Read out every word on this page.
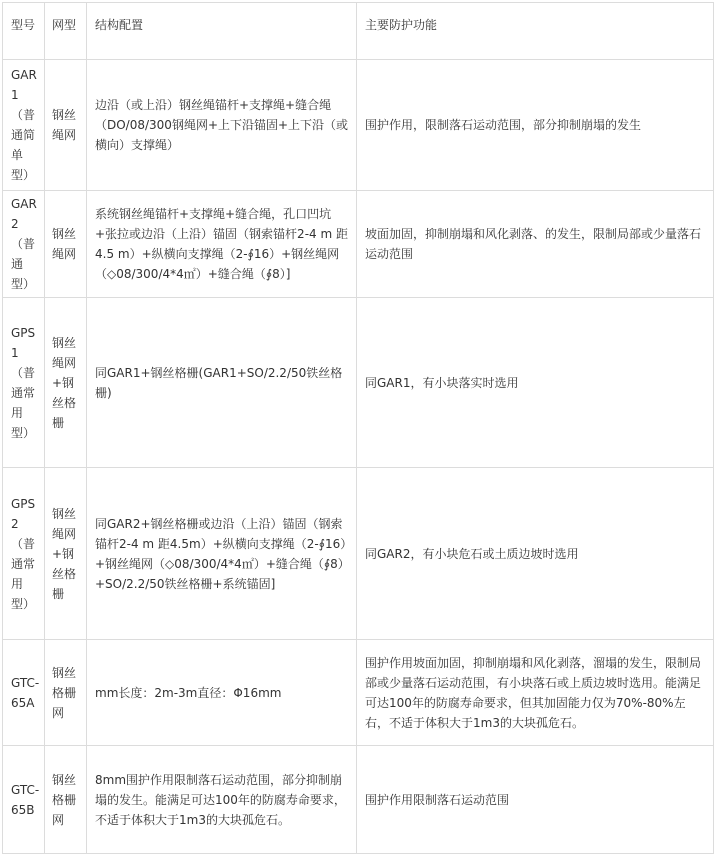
型号	网型	结构配置	主要防护功能

GAR1（普通简单型）	钢丝绳网	边沿（或上沿）钢丝绳锚杆+支撑绳+缝合绳（DO/08/300钢绳网+上下沿锚固+上下沿（或横向）支撑绳）	围护作用，限制落石运动范围，部分抑制崩塌的发生

GAR2（普通型）	钢丝绳网	系统钢丝绳锚杆+支撑绳+缝合绳，孔口凹坑+张拉或边沿（上沿）锚固（钢索锚杆2-4 m 距4.5 m）+纵横向支撑绳（2-∮16）+钢丝绳网（◇08/300/4*4㎡）+缝合绳（∮8）]	坡面加固，抑制崩塌和风化剥落、的发生，限制局部或少量落石运动范围

GPS1（普通常用型）	钢丝绳网+钢丝格栅	同GAR1+钢丝格栅(GAR1+SO/2.2/50铁丝格栅)	同GAR1，有小块落实时选用

GPS2（普通常用型）	钢丝绳网+钢丝格栅	同GAR2+钢丝格栅或边沿（上沿）锚固（钢索锚杆2-4 m 距4.5m）+纵横向支撑绳（2-∮16）+钢丝绳网（◇08/300/4*4㎡）+缝合绳（∮8）+SO/2.2/50铁丝格栅+系统锚固]	同GAR2，有小块危石或土质边坡时选用

GTC-65A	钢丝格栅网	mm长度：2m-3m直径：Φ16mm	围护作用坡面加固，抑制崩塌和风化剥落，溜塌的发生，限制局部或少量落石运动范围，有小块落石或上质边坡时选用。能满足可达100年的防腐寿命要求，但其加固能力仅为70%-80%左右，不适于体积大于1m3的大块孤危石。

GTC-65B	钢丝格栅网	8mm围护作用限制落石运动范围，部分抑制崩塌的发生。能满足可达100年的防腐寿命要求，不适于体积大于1m3的大块孤危石。	围护作用限制落石运动范围
